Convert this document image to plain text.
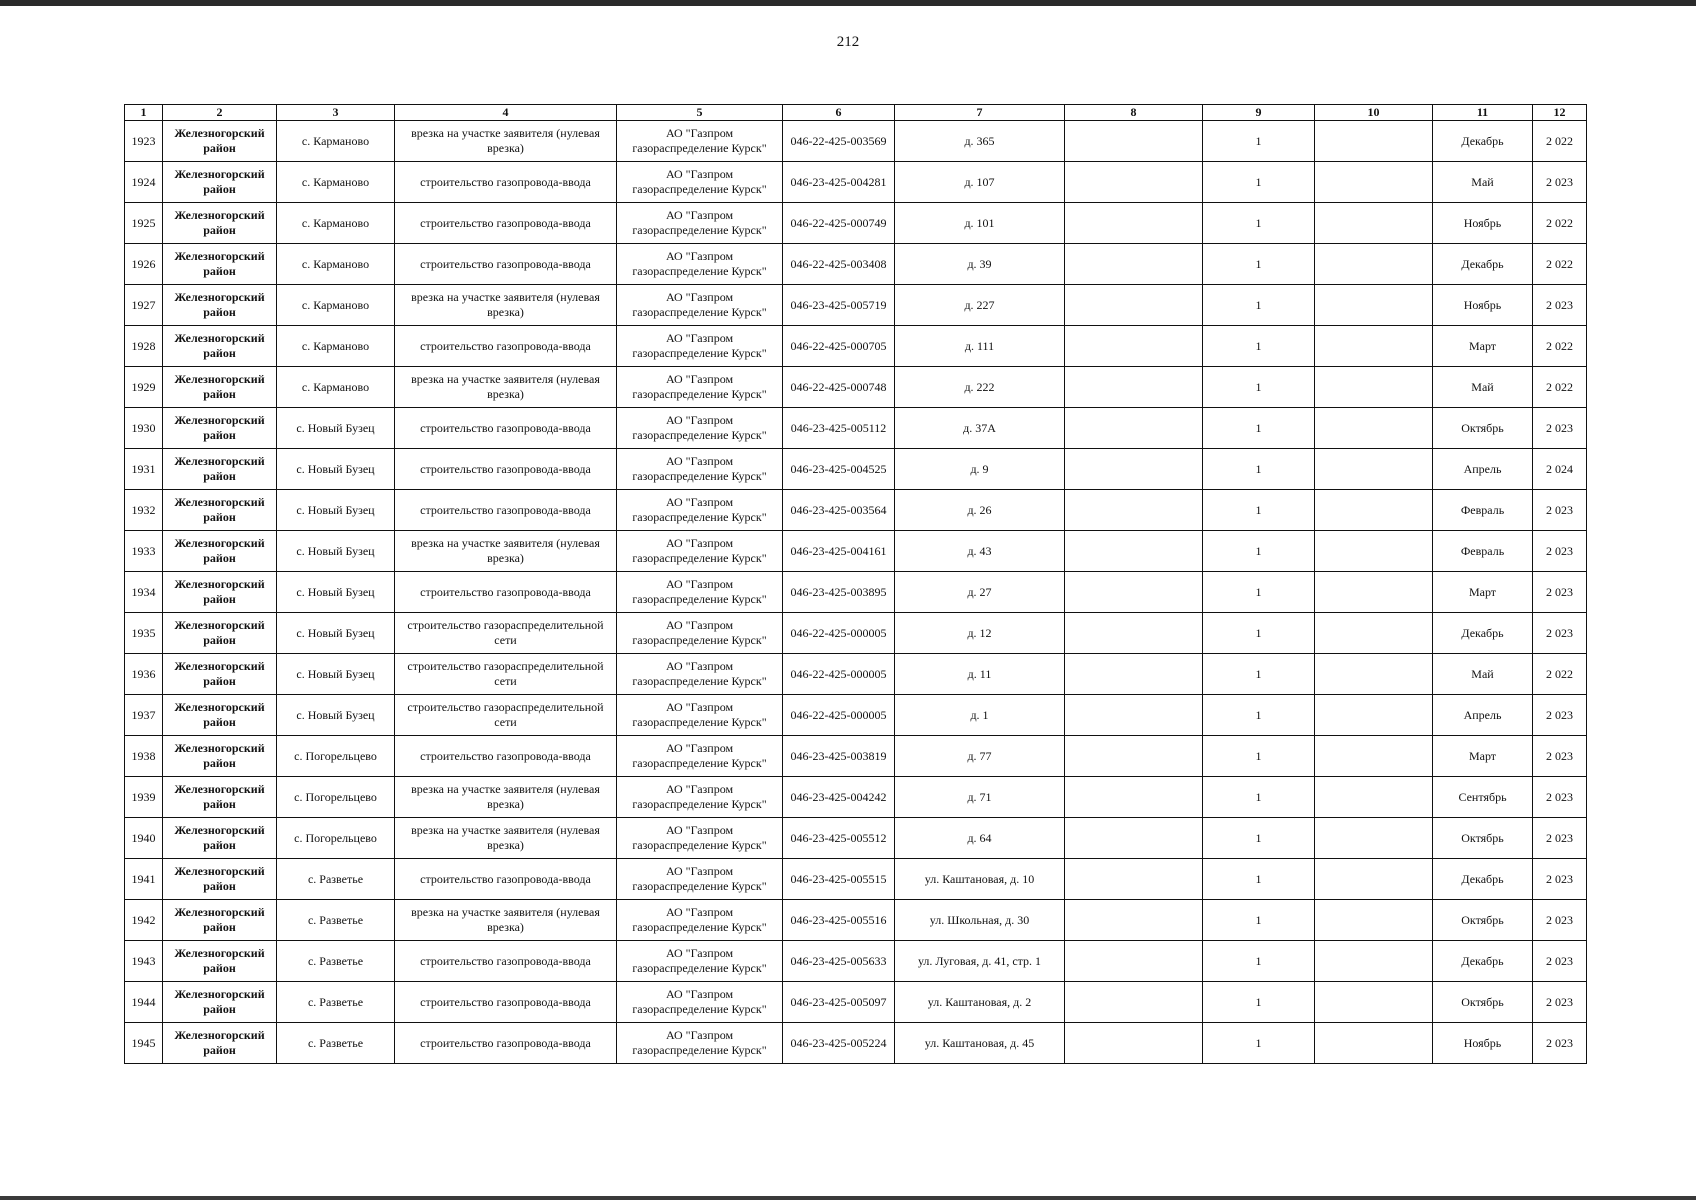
212
1	2	3	4	5	6	7	8	9	10	11	12
1923	Железногорский район	с. Карманово	врезка на участке заявителя (нулевая врезка)	АО "Газпром газораспределение Курск"	046-22-425-003569	д. 365		1		Декабрь	2 022
1924	Железногорский район	с. Карманово	строительство газопровода-ввода	АО "Газпром газораспределение Курск"	046-23-425-004281	д. 107		1		Май	2 023
1925	Железногорский район	с. Карманово	строительство газопровода-ввода	АО "Газпром газораспределение Курск"	046-22-425-000749	д. 101		1		Ноябрь	2 022
1926	Железногорский район	с. Карманово	строительство газопровода-ввода	АО "Газпром газораспределение Курск"	046-22-425-003408	д. 39		1		Декабрь	2 022
1927	Железногорский район	с. Карманово	врезка на участке заявителя (нулевая врезка)	АО "Газпром газораспределение Курск"	046-23-425-005719	д. 227		1		Ноябрь	2 023
1928	Железногорский район	с. Карманово	строительство газопровода-ввода	АО "Газпром газораспределение Курск"	046-22-425-000705	д. 111		1		Март	2 022
1929	Железногорский район	с. Карманово	врезка на участке заявителя (нулевая врезка)	АО "Газпром газораспределение Курск"	046-22-425-000748	д. 222		1		Май	2 022
1930	Железногорский район	с. Новый Бузец	строительство газопровода-ввода	АО "Газпром газораспределение Курск"	046-23-425-005112	д. 37А		1		Октябрь	2 023
1931	Железногорский район	с. Новый Бузец	строительство газопровода-ввода	АО "Газпром газораспределение Курск"	046-23-425-004525	д. 9		1		Апрель	2 024
1932	Железногорский район	с. Новый Бузец	строительство газопровода-ввода	АО "Газпром газораспределение Курск"	046-23-425-003564	д. 26		1		Февраль	2 023
1933	Железногорский район	с. Новый Бузец	врезка на участке заявителя (нулевая врезка)	АО "Газпром газораспределение Курск"	046-23-425-004161	д. 43		1		Февраль	2 023
1934	Железногорский район	с. Новый Бузец	строительство газопровода-ввода	АО "Газпром газораспределение Курск"	046-23-425-003895	д. 27		1		Март	2 023
1935	Железногорский район	с. Новый Бузец	строительство газораспределительной сети	АО "Газпром газораспределение Курск"	046-22-425-000005	д. 12		1		Декабрь	2 023
1936	Железногорский район	с. Новый Бузец	строительство газораспределительной сети	АО "Газпром газораспределение Курск"	046-22-425-000005	д. 11		1		Май	2 022
1937	Железногорский район	с. Новый Бузец	строительство газораспределительной сети	АО "Газпром газораспределение Курск"	046-22-425-000005	д. 1		1		Апрель	2 023
1938	Железногорский район	с. Погорельцево	строительство газопровода-ввода	АО "Газпром газораспределение Курск"	046-23-425-003819	д. 77		1		Март	2 023
1939	Железногорский район	с. Погорельцево	врезка на участке заявителя (нулевая врезка)	АО "Газпром газораспределение Курск"	046-23-425-004242	д. 71		1		Сентябрь	2 023
1940	Железногорский район	с. Погорельцево	врезка на участке заявителя (нулевая врезка)	АО "Газпром газораспределение Курск"	046-23-425-005512	д. 64		1		Октябрь	2 023
1941	Железногорский район	с. Разветье	строительство газопровода-ввода	АО "Газпром газораспределение Курск"	046-23-425-005515	ул. Каштановая, д. 10		1		Декабрь	2 023
1942	Железногорский район	с. Разветье	врезка на участке заявителя (нулевая врезка)	АО "Газпром газораспределение Курск"	046-23-425-005516	ул. Школьная, д. 30		1		Октябрь	2 023
1943	Железногорский район	с. Разветье	строительство газопровода-ввода	АО "Газпром газораспределение Курск"	046-23-425-005633	ул. Луговая, д. 41, стр. 1		1		Декабрь	2 023
1944	Железногорский район	с. Разветье	строительство газопровода-ввода	АО "Газпром газораспределение Курск"	046-23-425-005097	ул. Каштановая, д. 2		1		Октябрь	2 023
1945	Железногорский район	с. Разветье	строительство газопровода-ввода	АО "Газпром газораспределение Курск"	046-23-425-005224	ул. Каштановая, д. 45		1		Ноябрь	2 023
